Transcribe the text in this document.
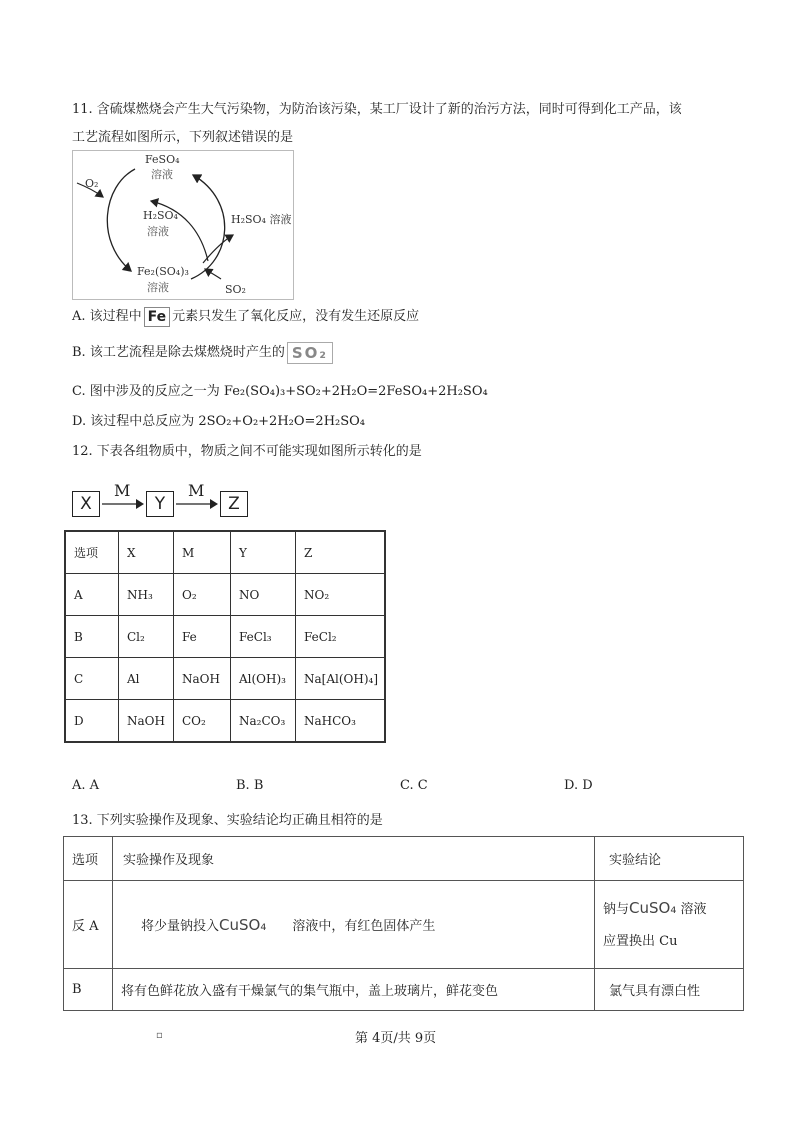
11. 含硫煤燃烧会产生大气污染物，为防治该污染，某工厂设计了新的治污方法，同时可得到化工产品，该
工艺流程如图所示，下列叙述错误的是
FeSO₄
溶液
O₂
H₂SO₄
溶液
H₂SO₄ 溶液
Fe₂(SO₄)₃
溶液	SO₂
A. 该过程中 Fe 元素只发生了氧化反应，没有发生还原反应
B. 该工艺流程是除去煤燃烧时产生的 SO₂
C. 图中涉及的反应之一为 Fe₂(SO₄)₃+SO₂+2H₂O=2FeSO₄+2H₂SO₄
D. 该过程中总反应为 2SO₂+O₂+2H₂O=2H₂SO₄
12. 下表各组物质中，物质之间不可能实现如图所示转化的是
X
M
Y
M
Z
选项	X	M	Y	Z
A	NH₃	O₂	NO	NO₂
B	Cl₂	Fe	FeCl₃	FeCl₂
C	Al	NaOH	Al(OH)₃	Na[Al(OH)₄]
D	NaOH	CO₂	Na₂CO₃	NaHCO₃
A. A	B. B	C. C	D. D
13. 下列实验操作及现象、实验结论均正确且相符的是
选项	实验操作及现象	实验结论
反 A	将少量钠投入CuSO₄ 溶液中，有红色固体产生	钠与CuSO₄ 溶液
应置换出 Cu
B	将有色鲜花放入盛有干燥氯气的集气瓶中，盖上玻璃片，鲜花变色	氯气具有漂白性
▫	第 4页/共 9页
